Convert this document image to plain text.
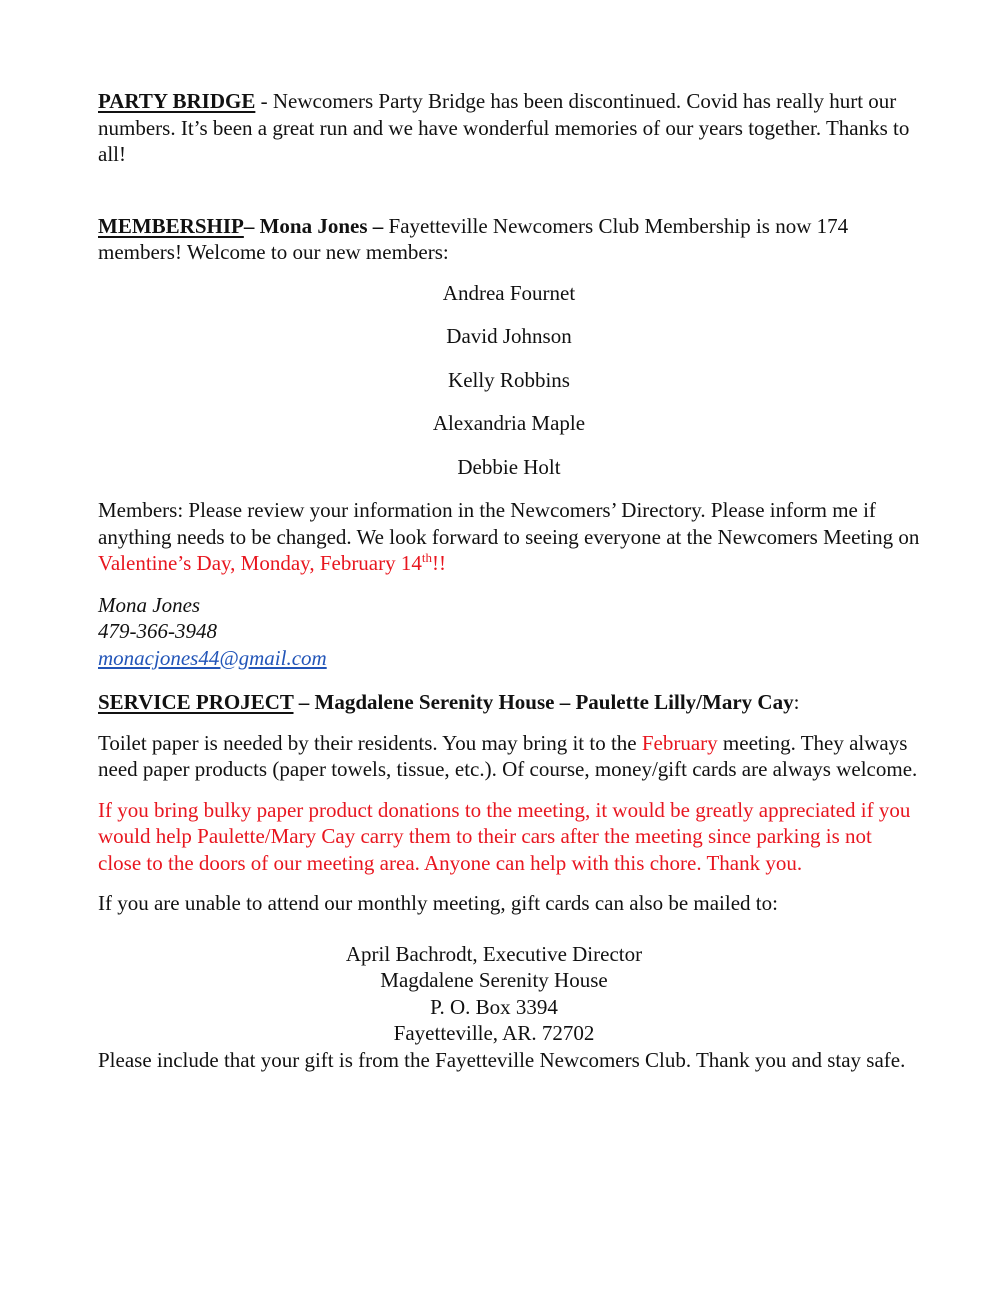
PARTY BRIDGE - Newcomers Party Bridge has been discontinued. Covid has really hurt our numbers. It’s been a great run and we have wonderful memories of our years together. Thanks to all!

MEMBERSHIP– Mona Jones – Fayetteville Newcomers Club Membership is now 174 members! Welcome to our new members:

Andrea Fournet

David Johnson

Kelly Robbins

Alexandria Maple

Debbie Holt

Members: Please review your information in the Newcomers’ Directory. Please inform me if anything needs to be changed. We look forward to seeing everyone at the Newcomers Meeting on Valentine’s Day, Monday, February 14th!!

Mona Jones

479-366-3948

monacjones44@gmail.com

SERVICE PROJECT – Magdalene Serenity House – Paulette Lilly/Mary Cay:

Toilet paper is needed by their residents. You may bring it to the February meeting. They always need paper products (paper towels, tissue, etc.). Of course, money/gift cards are always welcome.

If you bring bulky paper product donations to the meeting, it would be greatly appreciated if you would help Paulette/Mary Cay carry them to their cars after the meeting since parking is not close to the doors of our meeting area. Anyone can help with this chore. Thank you.

If you are unable to attend our monthly meeting, gift cards can also be mailed to:

April Bachrodt, Executive Director

Magdalene Serenity House

P. O. Box 3394

Fayetteville, AR. 72702

Please include that your gift is from the Fayetteville Newcomers Club. Thank you and stay safe.
